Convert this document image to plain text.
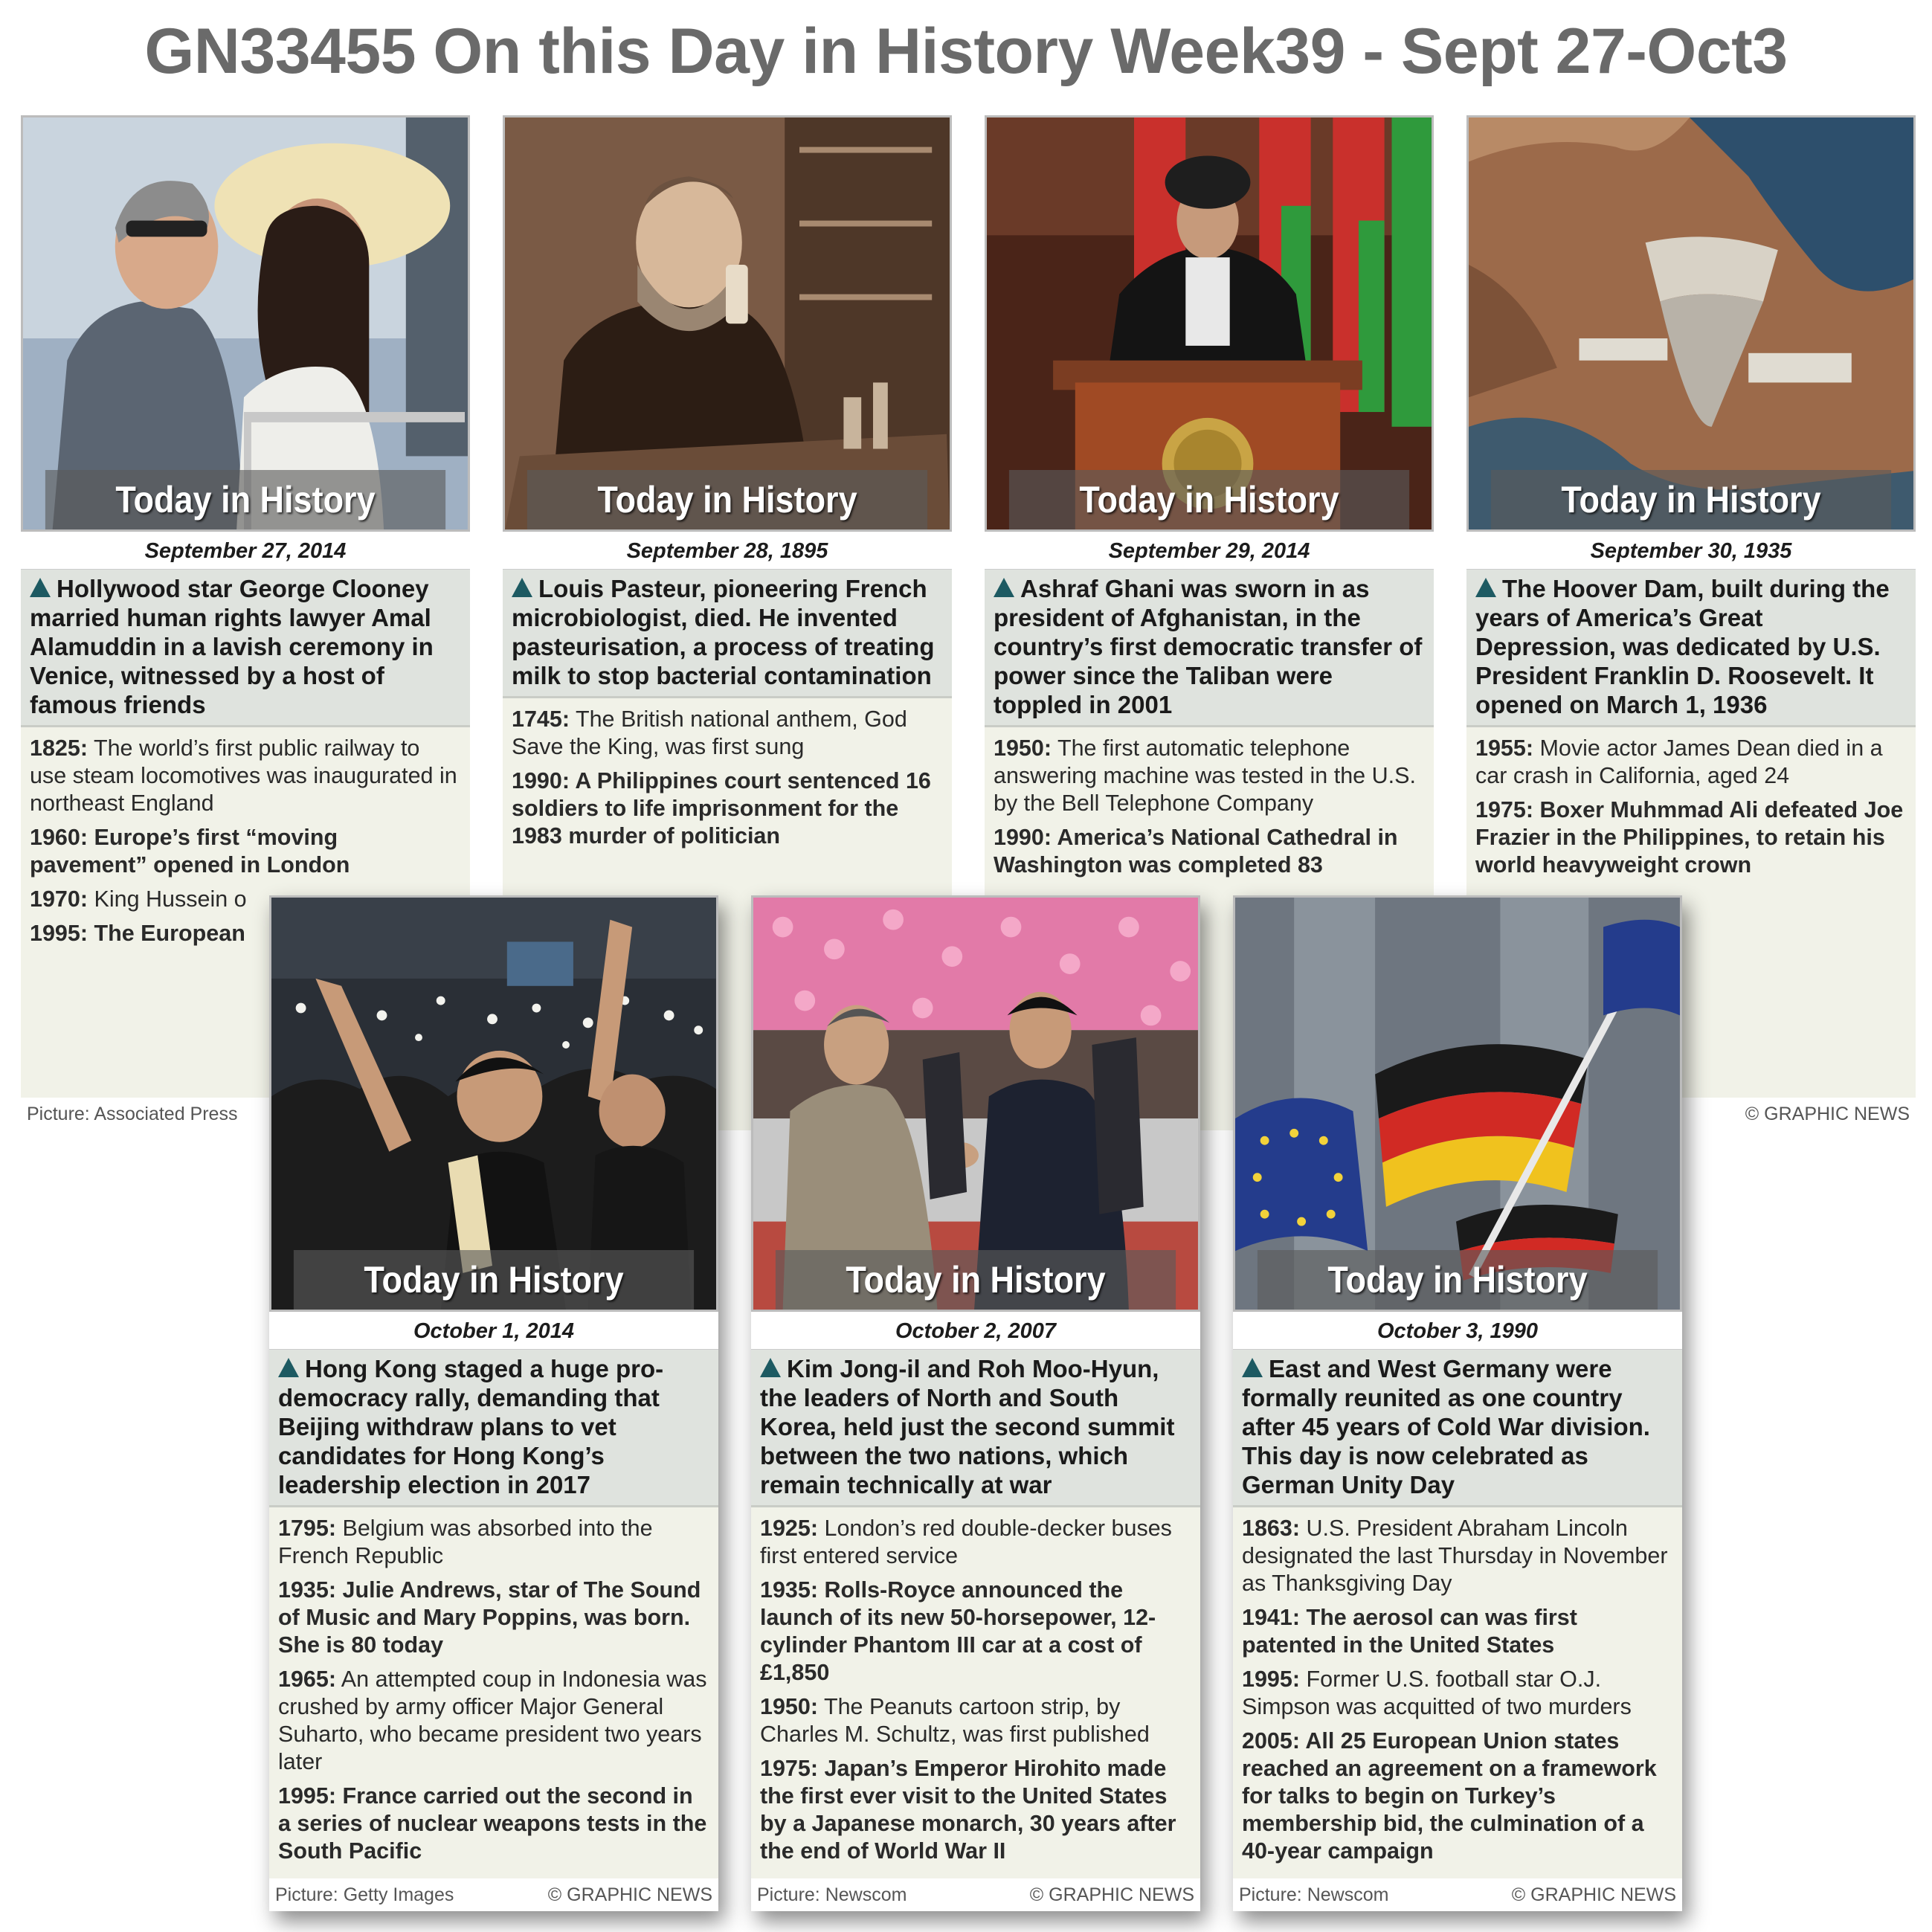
GN33455 On this Day in History Week39 - Sept 27-Oct3
Today in History
September 27, 2014
Hollywood star George Clooney married human rights lawyer Amal Alamuddin in a lavish ceremony in Venice, witnessed by a host of famous friends
1825: The world’s first public railway to use steam locomotives was inaugurated in northeast England
1960: Europe’s first “moving pavement” opened in London
1970: King Hussein o
1995: The European
Picture: Associated Press
Today in History
September 28, 1895
Louis Pasteur, pioneering French microbiologist, died. He invented pasteurisation, a process of treating milk to stop bacterial contamination
1745: The British national anthem, God Save the King, was first sung
1990: A Philippines court sentenced 16 soldiers to life imprisonment for the 1983 murder of politician
Today in History
September 29, 2014
Ashraf Ghani was sworn in as president of Afghanistan, in the country’s first democratic transfer of power since the Taliban were toppled in 2001
1950: The first automatic telephone answering machine was tested in the U.S. by the Bell Telephone Company
1990: America’s National Cathedral in Washington was completed 83
Today in History
September 30, 1935
The Hoover Dam, built during the years of America’s Great Depression, was dedicated by U.S. President Franklin D. Roosevelt. It opened on March 1, 1936
1955: Movie actor James Dean died in a car crash in California, aged 24
1975: Boxer Muhmmad Ali defeated Joe Frazier in the Philippines, to retain his world heavyweight crown
© GRAPHIC NEWS
Today in History
October 1, 2014
Hong Kong staged a huge pro-democracy rally, demanding that Beijing withdraw plans to vet candidates for Hong Kong’s leadership election in 2017
1795: Belgium was absorbed into the French Republic
1935: Julie Andrews, star of The Sound of Music and Mary Poppins, was born. She is 80 today
1965: An attempted coup in Indonesia was crushed by army officer Major General Suharto, who became president two years later
1995: France carried out the second in a series of nuclear weapons tests in the South Pacific
Picture: Getty Images	© GRAPHIC NEWS
Today in History
October 2, 2007
Kim Jong-il and Roh Moo-Hyun, the leaders of North and South Korea, held just the second summit between the two nations, which remain technically at war
1925: London’s red double-decker buses first entered service
1935: Rolls-Royce announced the launch of its new 50-horsepower, 12-cylinder Phantom III car at a cost of £1,850
1950: The Peanuts cartoon strip, by Charles M. Schultz, was first published
1975: Japan’s Emperor Hirohito made the first ever visit to the United States by a Japanese monarch, 30 years after the end of World War II
Picture: Newscom	© GRAPHIC NEWS
Today in History
October 3, 1990
East and West Germany were formally reunited as one country after 45 years of Cold War division. This day is now celebrated as German Unity Day
1863: U.S. President Abraham Lincoln designated the last Thursday in November as Thanksgiving Day
1941: The aerosol can was first patented in the United States
1995: Former U.S. football star O.J. Simpson was acquitted of two murders
2005: All 25 European Union states reached an agreement on a framework for talks to begin on Turkey’s membership bid, the culmination of a 40-year campaign
Picture: Newscom	© GRAPHIC NEWS
